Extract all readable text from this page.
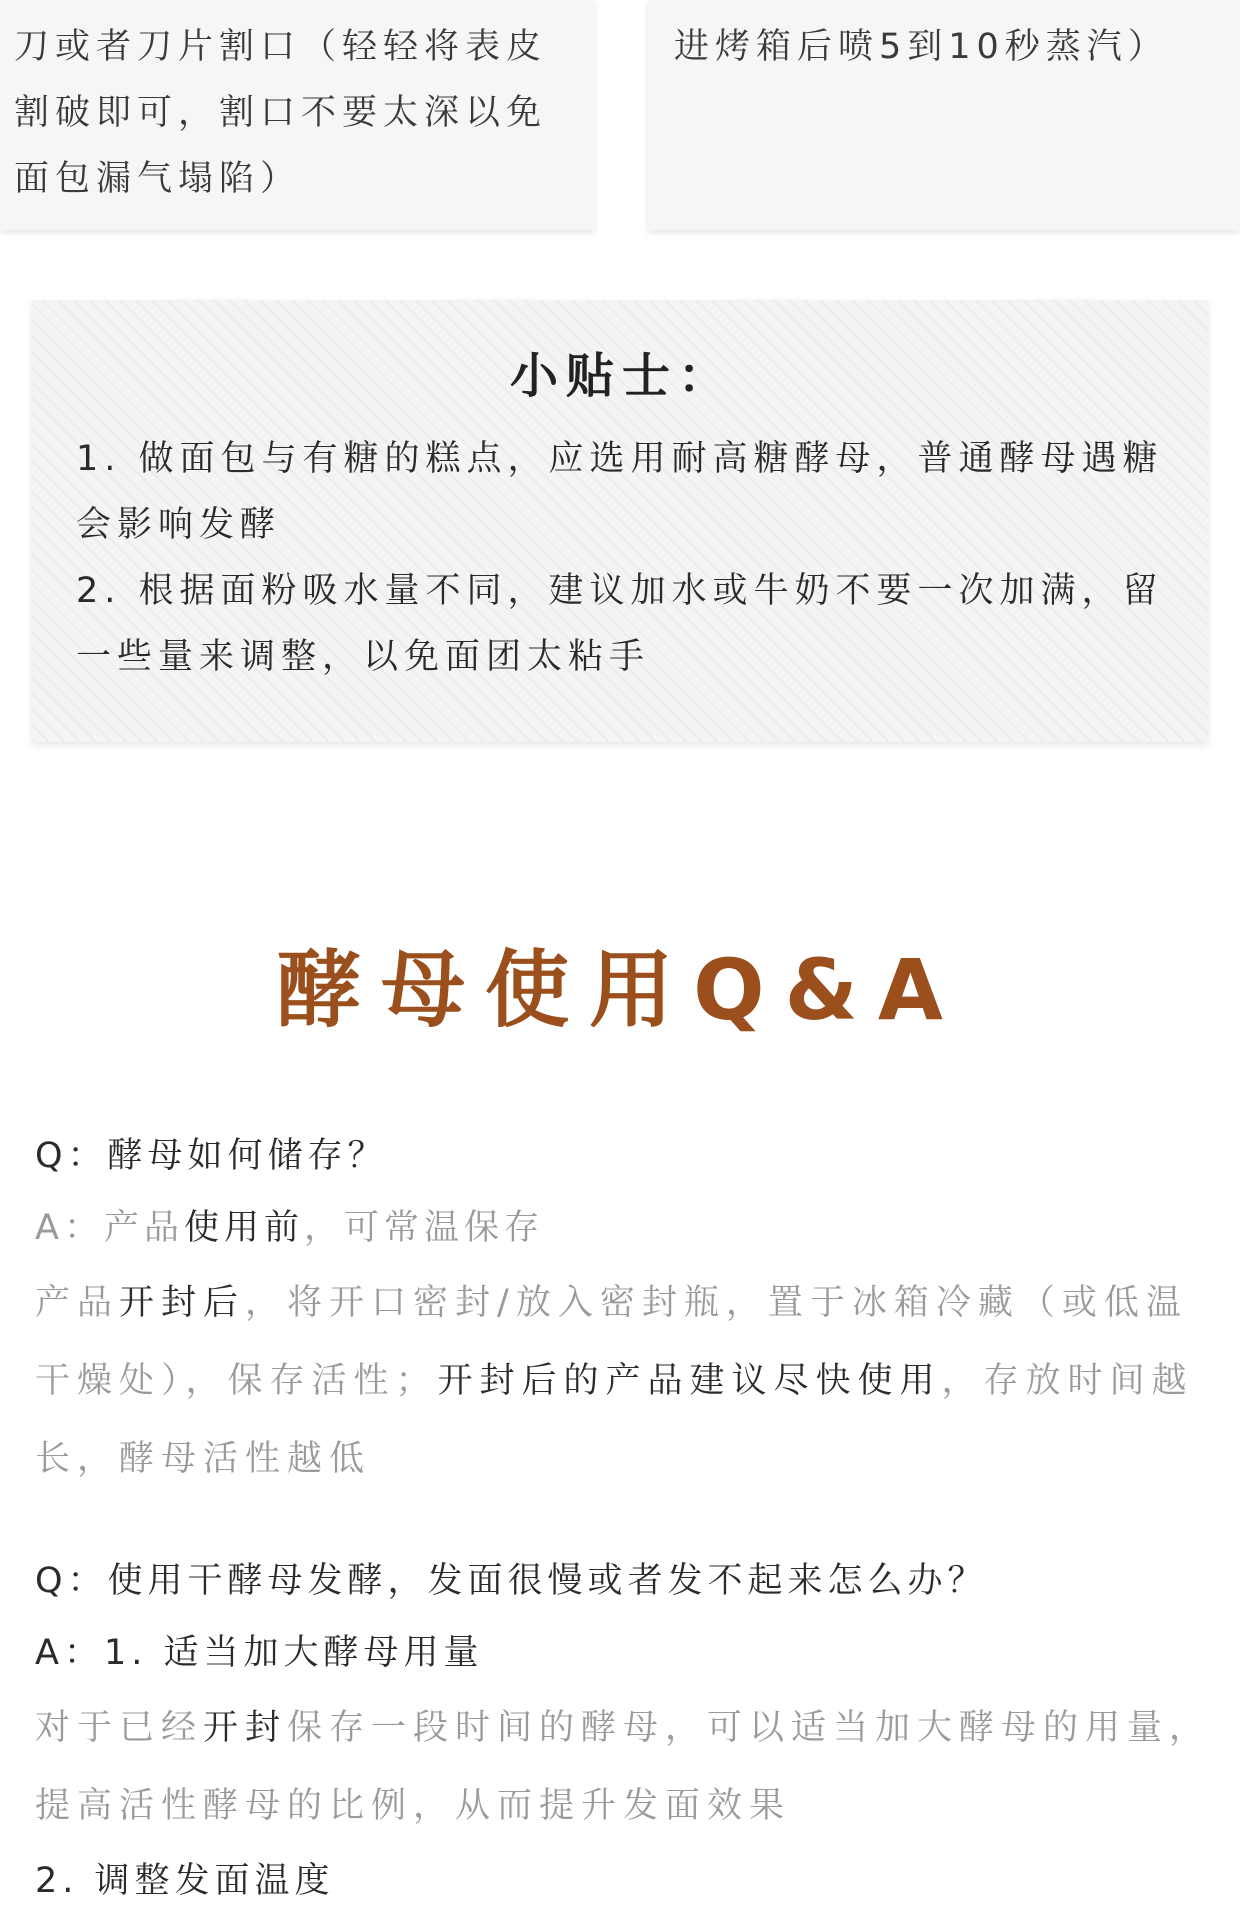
刀或者刀片割口（轻轻将表皮割破即可，割口不要太深以免面包漏气塌陷）

进烤箱后喷5到10秒蒸汽）

小贴士：

1. 做面包与有糖的糕点，应选用耐高糖酵母，普通酵母遇糖会影响发酵

2. 根据面粉吸水量不同，建议加水或牛奶不要一次加满，留一些量来调整，以免面团太粘手

酵母使用Q&A

Q：酵母如何储存？

A：产品使用前，可常温保存

产品开封后，将开口密封/放入密封瓶，置于冰箱冷藏（或低温干燥处），保存活性；开封后的产品建议尽快使用，存放时间越长，酵母活性越低

Q：使用干酵母发酵，发面很慢或者发不起来怎么办？

A：1. 适当加大酵母用量

对于已经开封保存一段时间的酵母，可以适当加大酵母的用量，提高活性酵母的比例，从而提升发面效果

2. 调整发面温度
